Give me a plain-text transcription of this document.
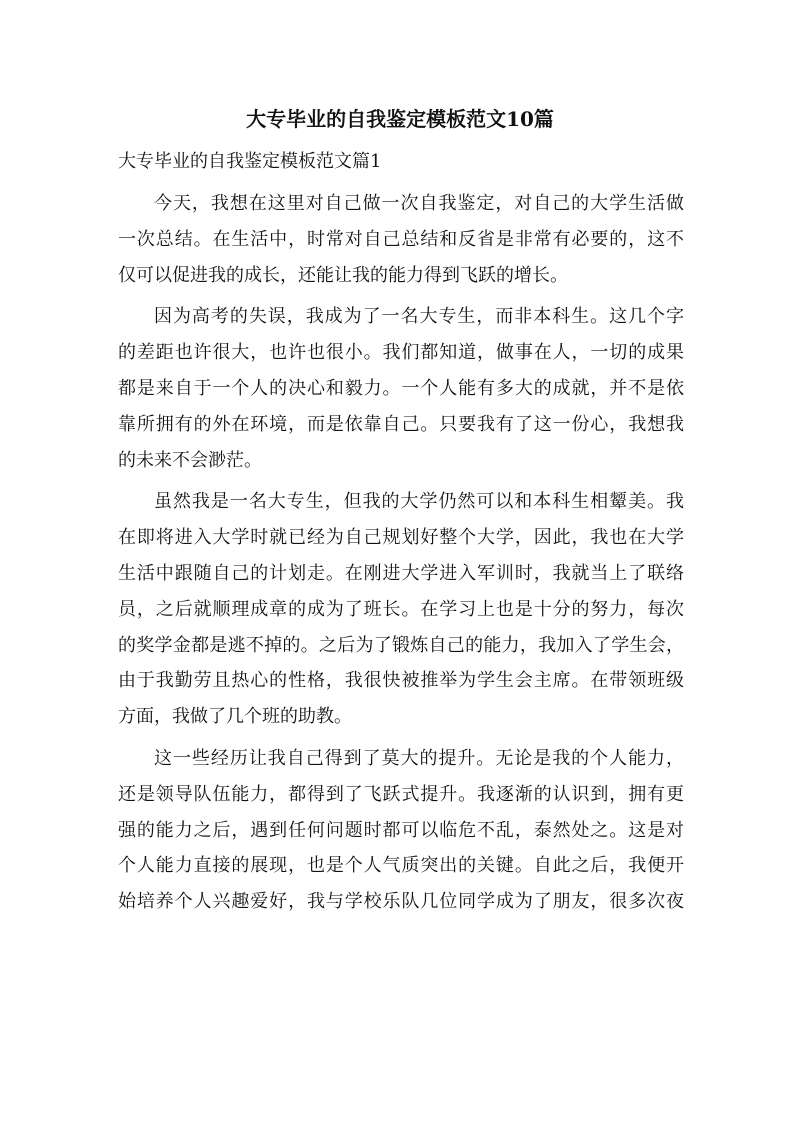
大专毕业的自我鉴定模板范文10篇
大专毕业的自我鉴定模板范文篇1

今天，我想在这里对自己做一次自我鉴定，对自己的大学生活做
一次总结。在生活中，时常对自己总结和反省是非常有必要的，这不
仅可以促进我的成长，还能让我的能力得到飞跃的增长。

因为高考的失误，我成为了一名大专生，而非本科生。这几个字
的差距也许很大，也许也很小。我们都知道，做事在人，一切的成果
都是来自于一个人的决心和毅力。一个人能有多大的成就，并不是依
靠所拥有的外在环境，而是依靠自己。只要我有了这一份心，我想我
的未来不会渺茫。

虽然我是一名大专生，但我的大学仍然可以和本科生相颦美。我
在即将进入大学时就已经为自己规划好整个大学，因此，我也在大学
生活中跟随自己的计划走。在刚进大学进入军训时，我就当上了联络
员，之后就顺理成章的成为了班长。在学习上也是十分的努力，每次
的奖学金都是逃不掉的。之后为了锻炼自己的能力，我加入了学生会，
由于我勤劳且热心的性格，我很快被推举为学生会主席。在带领班级
方面，我做了几个班的助教。

这一些经历让我自己得到了莫大的提升。无论是我的个人能力，
还是领导队伍能力，都得到了飞跃式提升。我逐渐的认识到，拥有更
强的能力之后，遇到任何问题时都可以临危不乱，泰然处之。这是对
个人能力直接的展现，也是个人气质突出的关键。自此之后，我便开
始培养个人兴趣爱好，我与学校乐队几位同学成为了朋友，很多次夜
